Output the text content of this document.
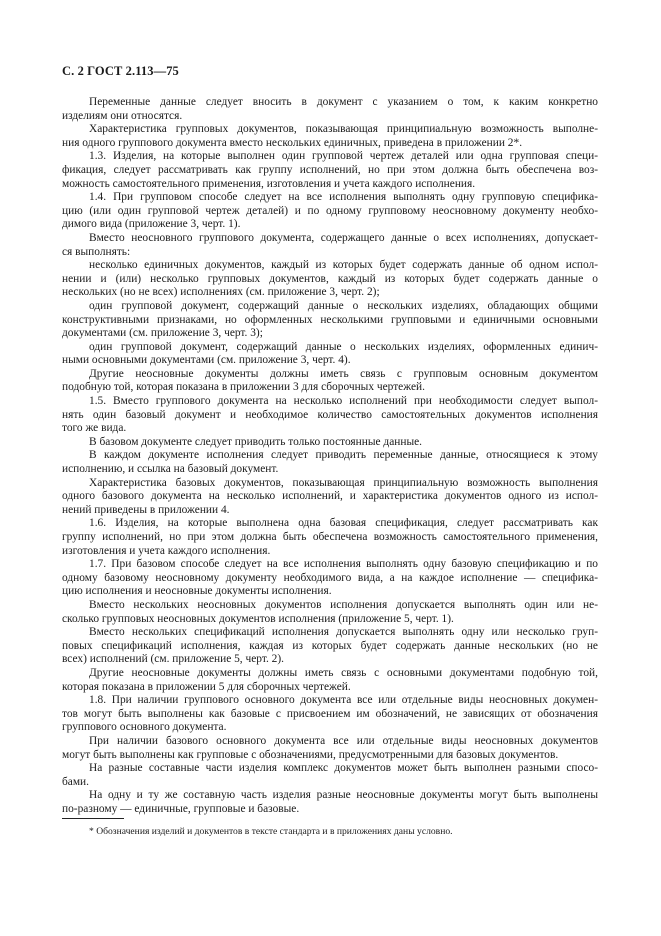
С. 2 ГОСТ 2.113—75
Переменные данные следует вносить в документ с указанием о том, к каким конкретно
изделиям они относятся.
Характеристика групповых документов, показывающая принципиальную возможность выполне-
ния одного группового документа вместо нескольких единичных, приведена в приложении 2*.
1.3. Изделия, на которые выполнен один групповой чертеж деталей или одна групповая специ-
фикация, следует рассматривать как группу исполнений, но при этом должна быть обеспечена воз-
можность самостоятельного применения, изготовления и учета каждого исполнения.
1.4. При групповом способе следует на все исполнения выполнять одну групповую специфика-
цию (или один групповой чертеж деталей) и по одному групповому неосновному документу необхо-
димого вида (приложение 3, черт. 1).
Вместо неосновного группового документа, содержащего данные о всех исполнениях, допускает-
ся выполнять:
несколько единичных документов, каждый из которых будет содержать данные об одном испол-
нении и (или) несколько групповых документов, каждый из которых будет содержать данные о
нескольких (но не всех) исполнениях (см. приложение 3, черт. 2);
один групповой документ, содержащий данные о нескольких изделиях, обладающих общими
конструктивными признаками, но оформленных несколькими групповыми и единичными основными
документами (см. приложение 3, черт. 3);
один групповой документ, содержащий данные о нескольких изделиях, оформленных единич-
ными основными документами (см. приложение 3, черт. 4).
Другие неосновные документы должны иметь связь с групповым основным документом
подобную той, которая показана в приложении 3 для сборочных чертежей.
1.5. Вместо группового документа на несколько исполнений при необходимости следует выпол-
нять один базовый документ и необходимое количество самостоятельных документов исполнения
того же вида.
В базовом документе следует приводить только постоянные данные.
В каждом документе исполнения следует приводить переменные данные, относящиеся к этому
исполнению, и ссылка на базовый документ.
Характеристика базовых документов, показывающая принципиальную возможность выполнения
одного базового документа на несколько исполнений, и характеристика документов одного из испол-
нений приведены в приложении 4.
1.6. Изделия, на которые выполнена одна базовая спецификация, следует рассматривать как
группу исполнений, но при этом должна быть обеспечена возможность самостоятельного применения,
изготовления и учета каждого исполнения.
1.7. При базовом способе следует на все исполнения выполнять одну базовую спецификацию и по
одному базовому неосновному документу необходимого вида, а на каждое исполнение — специфика-
цию исполнения и неосновные документы исполнения.
Вместо нескольких неосновных документов исполнения допускается выполнять один или не-
сколько групповых неосновных документов исполнения (приложение 5, черт. 1).
Вместо нескольких спецификаций исполнения допускается выполнять одну или несколько груп-
повых спецификаций исполнения, каждая из которых будет содержать данные нескольких (но не
всех) исполнений (см. приложение 5, черт. 2).
Другие неосновные документы должны иметь связь с основными документами подобную той,
которая показана в приложении 5 для сборочных чертежей.
1.8. При наличии группового основного документа все или отдельные виды неосновных докумен-
тов могут быть выполнены как базовые с присвоением им обозначений, не зависящих от обозначения
группового основного документа.
При наличии базового основного документа все или отдельные виды неосновных документов
могут быть выполнены как групповые с обозначениями, предусмотренными для базовых документов.
На разные составные части изделия комплекс документов может быть выполнен разными спосо-
бами.
На одну и ту же составную часть изделия разные неосновные документы могут быть выполнены
по-разному — единичные, групповые и базовые.
* Обозначения изделий и документов в тексте стандарта и в приложениях даны условно.
